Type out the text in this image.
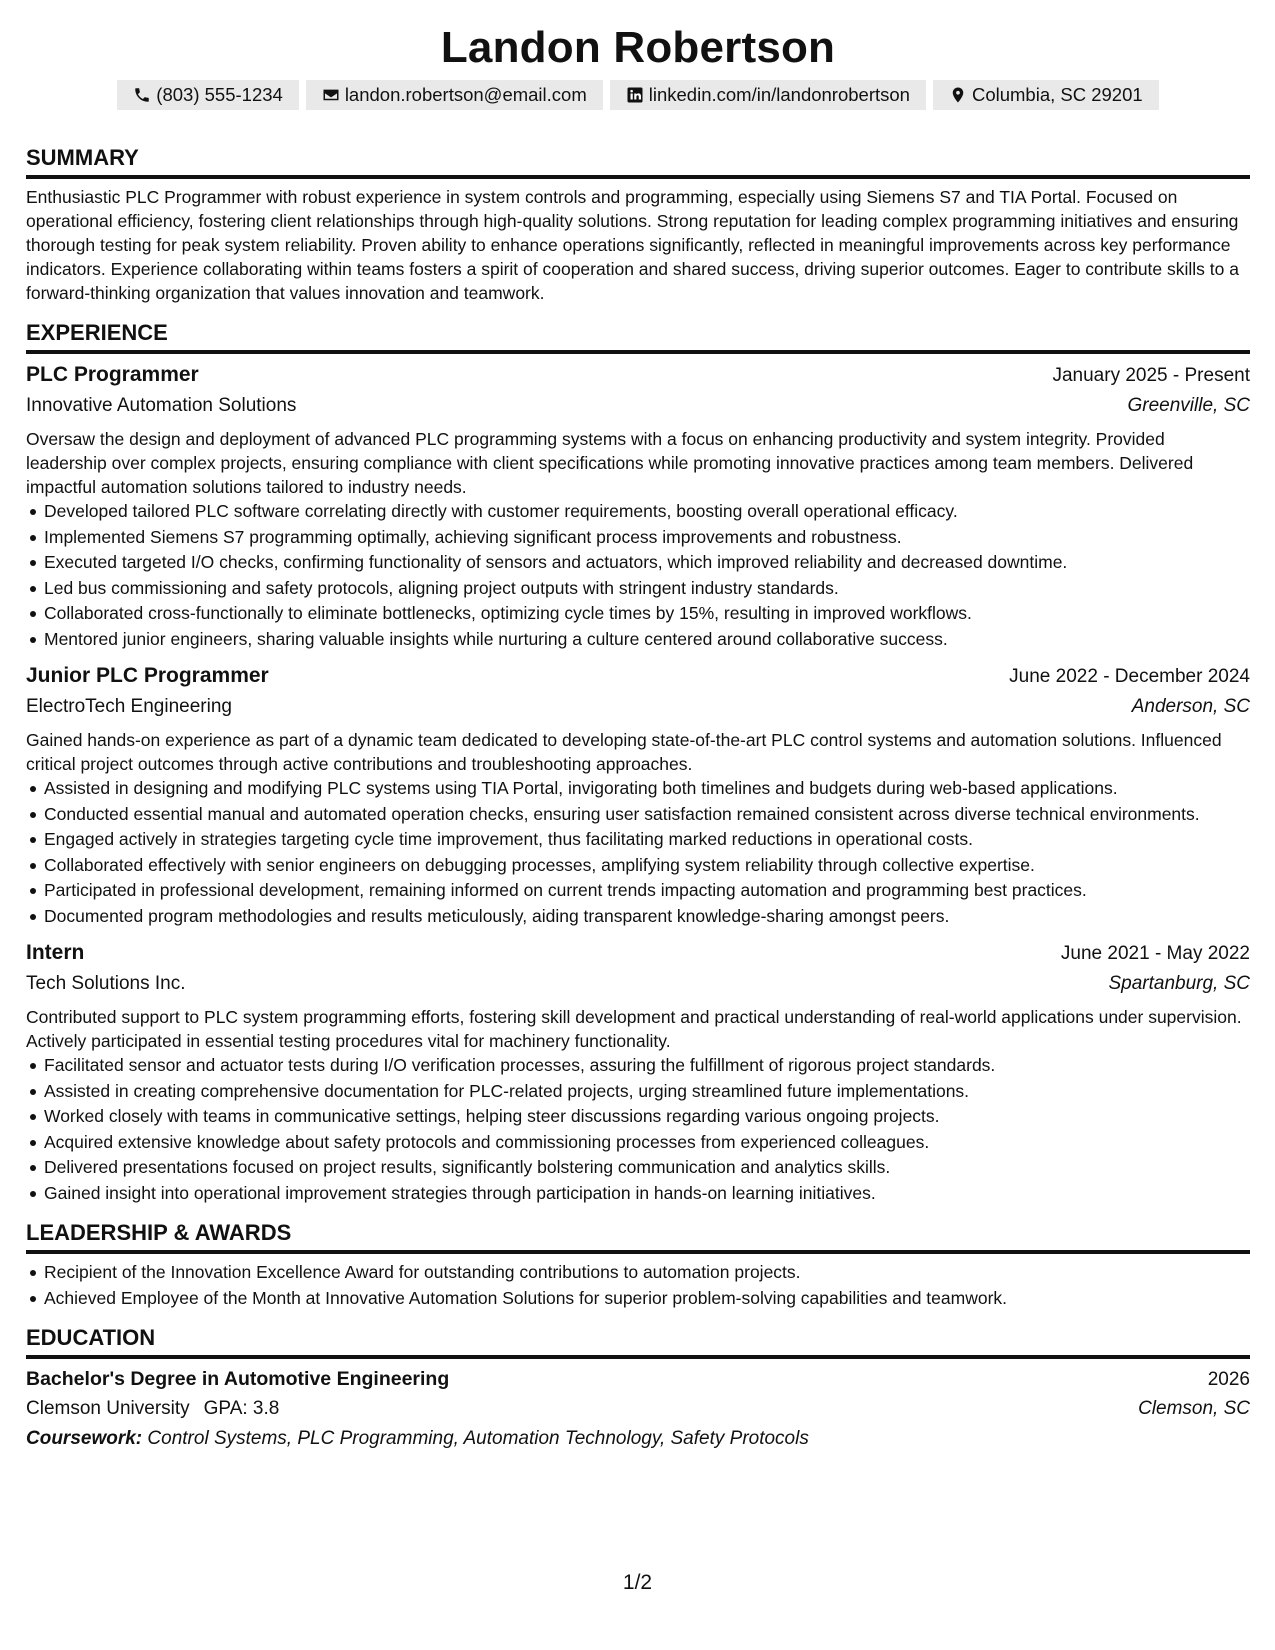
Landon Robertson
(803) 555-1234	landon.robertson@email.com	linkedin.com/in/landonrobertson	Columbia, SC 29201
SUMMARY

Enthusiastic PLC Programmer with robust experience in system controls and programming, especially using Siemens S7 and TIA Portal. Focused on operational efficiency, fostering client relationships through high-quality solutions. Strong reputation for leading complex programming initiatives and ensuring thorough testing for peak system reliability. Proven ability to enhance operations significantly, reflected in meaningful improvements across key performance indicators. Experience collaborating within teams fosters a spirit of cooperation and shared success, driving superior outcomes. Eager to contribute skills to a forward-thinking organization that values innovation and teamwork.

EXPERIENCE
PLC Programmer	January 2025 - Present
Innovative Automation Solutions	Greenville, SC

Oversaw the design and deployment of advanced PLC programming systems with a focus on enhancing productivity and system integrity. Provided leadership over complex projects, ensuring compliance with client specifications while promoting innovative practices among team members. Delivered impactful automation solutions tailored to industry needs.

Developed tailored PLC software correlating directly with customer requirements, boosting overall operational efficacy.
Implemented Siemens S7 programming optimally, achieving significant process improvements and robustness.
Executed targeted I/O checks, confirming functionality of sensors and actuators, which improved reliability and decreased downtime.
Led bus commissioning and safety protocols, aligning project outputs with stringent industry standards.
Collaborated cross-functionally to eliminate bottlenecks, optimizing cycle times by 15%, resulting in improved workflows.
Mentored junior engineers, sharing valuable insights while nurturing a culture centered around collaborative success.
Junior PLC Programmer	June 2022 - December 2024
ElectroTech Engineering	Anderson, SC

Gained hands-on experience as part of a dynamic team dedicated to developing state-of-the-art PLC control systems and automation solutions. Influenced critical project outcomes through active contributions and troubleshooting approaches.

Assisted in designing and modifying PLC systems using TIA Portal, invigorating both timelines and budgets during web-based applications.
Conducted essential manual and automated operation checks, ensuring user satisfaction remained consistent across diverse technical environments.
Engaged actively in strategies targeting cycle time improvement, thus facilitating marked reductions in operational costs.
Collaborated effectively with senior engineers on debugging processes, amplifying system reliability through collective expertise.
Participated in professional development, remaining informed on current trends impacting automation and programming best practices.
Documented program methodologies and results meticulously, aiding transparent knowledge-sharing amongst peers.
Intern	June 2021 - May 2022
Tech Solutions Inc.	Spartanburg, SC

Contributed support to PLC system programming efforts, fostering skill development and practical understanding of real-world applications under supervision. Actively participated in essential testing procedures vital for machinery functionality.

Facilitated sensor and actuator tests during I/O verification processes, assuring the fulfillment of rigorous project standards.
Assisted in creating comprehensive documentation for PLC-related projects, urging streamlined future implementations.
Worked closely with teams in communicative settings, helping steer discussions regarding various ongoing projects.
Acquired extensive knowledge about safety protocols and commissioning processes from experienced colleagues.
Delivered presentations focused on project results, significantly bolstering communication and analytics skills.
Gained insight into operational improvement strategies through participation in hands-on learning initiatives.
LEADERSHIP & AWARDS
Recipient of the Innovation Excellence Award for outstanding contributions to automation projects.
Achieved Employee of the Month at Innovative Automation Solutions for superior problem-solving capabilities and teamwork.
EDUCATION
Bachelor's Degree in Automotive Engineering	2026
Clemson University GPA: 3.8	Clemson, SC
Coursework: Control Systems, PLC Programming, Automation Technology, Safety Protocols
1/2
